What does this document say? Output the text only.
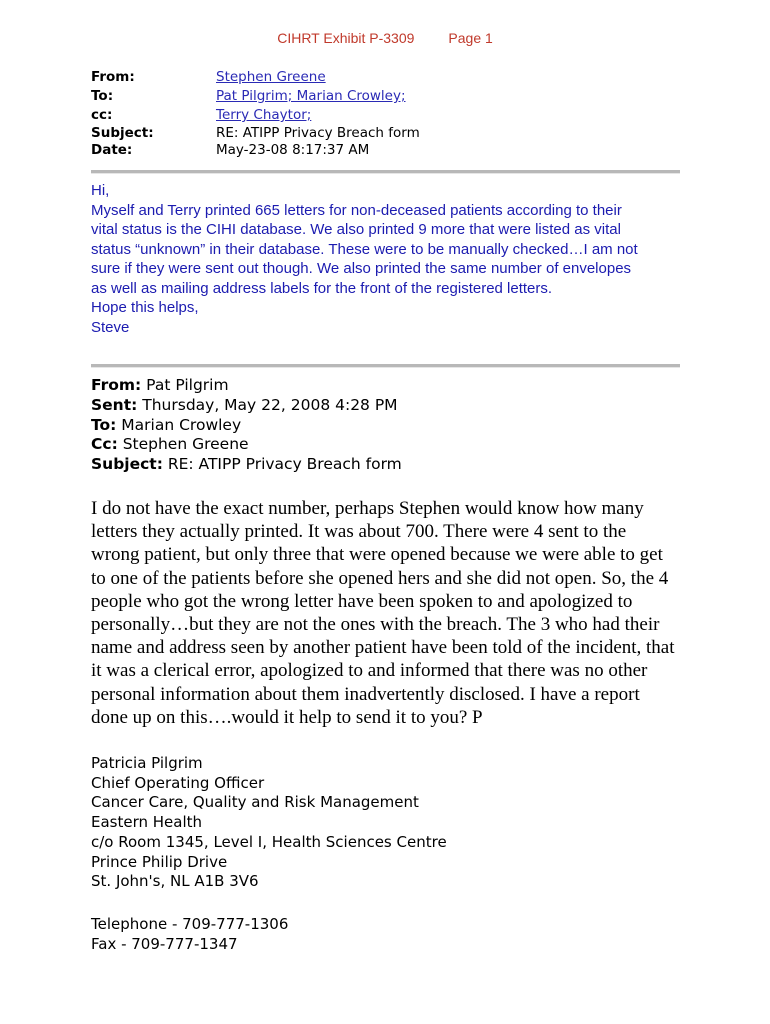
CIHRT Exhibit P-3309 Page 1
From:	Stephen Greene
To:	Pat Pilgrim; Marian Crowley;
cc:	Terry Chaytor;
Subject:	RE: ATIPP Privacy Breach form
Date:	May-23-08 8:17:37 AM

Hi,

Myself and Terry printed 665 letters for non-deceased patients according to their

vital status is the CIHI database. We also printed 9 more that were listed as vital

status “unknown” in their database. These were to be manually checked…I am not

sure if they were sent out though. We also printed the same number of envelopes

as well as mailing address labels for the front of the registered letters.

Hope this helps,

Steve

From: Pat Pilgrim
Sent: Thursday, May 22, 2008 4:28 PM
To: Marian Crowley
Cc: Stephen Greene
Subject: RE: ATIPP Privacy Breach form

I do not have the exact number, perhaps Stephen would know how many

letters they actually printed. It was about 700. There were 4 sent to the

wrong patient, but only three that were opened because we were able to get

to one of the patients before she opened hers and she did not open. So, the 4

people who got the wrong letter have been spoken to and apologized to

personally…but they are not the ones with the breach. The 3 who had their

name and address seen by another patient have been told of the incident, that

it was a clerical error, apologized to and informed that there was no other

personal information about them inadvertently disclosed. I have a report

done up on this….would it help to send it to you? P

Patricia Pilgrim
Chief Operating Officer
Cancer Care, Quality and Risk Management
Eastern Health
c/o Room 1345, Level I, Health Sciences Centre
Prince Philip Drive
St. John's, NL A1B 3V6
Telephone - 709-777-1306
Fax - 709-777-1347
